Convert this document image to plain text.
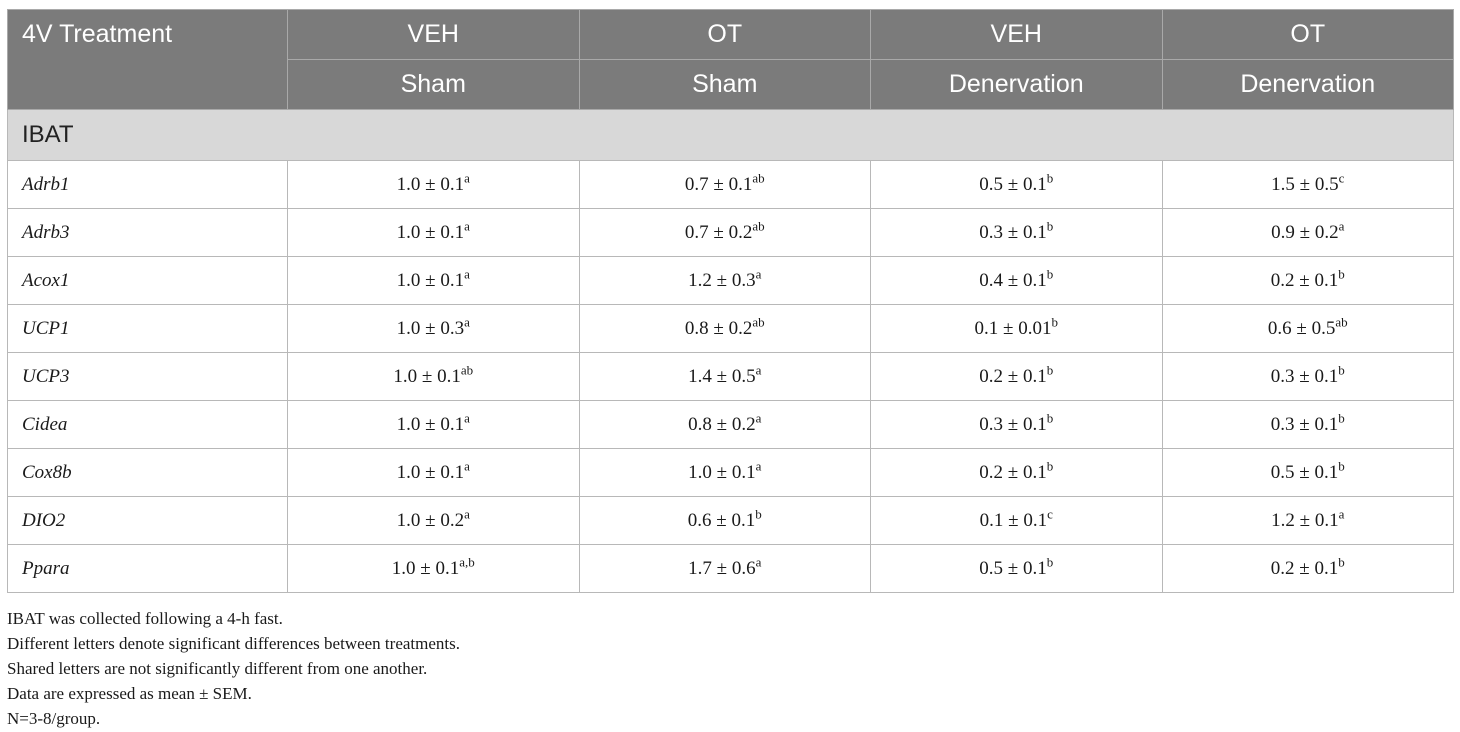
4V Treatment	VEH	OT	VEH	OT
	Sham	Sham	Denervation	Denervation
IBAT				
Adrb1	1.0 ± 0.1$^a$	0.7 ± 0.1$^{ab}$	0.5 ± 0.1$^b$	1.5 ± 0.5$^c$
Adrb3	1.0 ± 0.1$^a$	0.7 ± 0.2$^{ab}$	0.3 ± 0.1$^b$	0.9 ± 0.2$^a$
Acox1	1.0 ± 0.1$^a$	1.2 ± 0.3$^a$	0.4 ± 0.1$^b$	0.2 ± 0.1$^b$
UCP1	1.0 ± 0.3$^a$	0.8 ± 0.2$^{ab}$	0.1 ± 0.01$^b$	0.6 ± 0.5$^{ab}$
UCP3	1.0 ± 0.1$^{ab}$	1.4 ± 0.5$^a$	0.2 ± 0.1$^b$	0.3 ± 0.1$^b$
Cidea	1.0 ± 0.1$^a$	0.8 ± 0.2$^a$	0.3 ± 0.1$^b$	0.3 ± 0.1$^b$
Cox8b	1.0 ± 0.1$^a$	1.0 ± 0.1$^a$	0.2 ± 0.1$^b$	0.5 ± 0.1$^b$
DIO2	1.0 ± 0.2$^a$	0.6 ± 0.1$^b$	0.1 ± 0.1$^c$	1.2 ± 0.1$^a$
Ppara	$1.0 \pm 0.1^{a,b}$	1.7 ± 0.6$^a$	0.5 ± 0.1$^b$	0.2 ± 0.1$^b$
IBAT was collected following a 4-h fast.
Different letters denote significant differences between treatments.
Shared letters are not significantly different from one another.
Data are expressed as mean ± SEM.
N=3-8/group.
